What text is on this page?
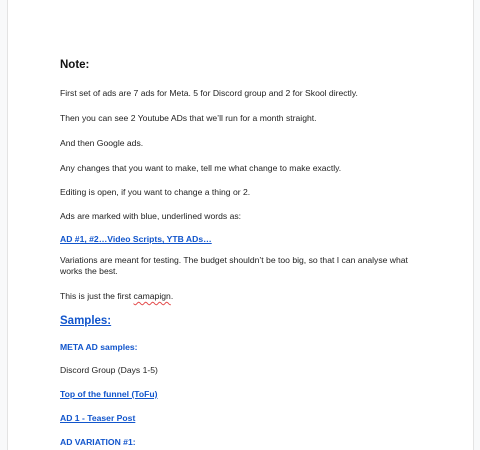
Note:
First set of ads are 7 ads for Meta. 5 for Discord group and 2 for Skool directly.
Then you can see 2 Youtube ADs that we’ll run for a month straight.
And then Google ads.
Any changes that you want to make, tell me what change to make exactly.
Editing is open, if you want to change a thing or 2.
Ads are marked with blue, underlined words as:
AD #1, #2…Video Scripts, YTB ADs…
Variations are meant for testing. The budget shouldn’t be too big, so that I can analyse what works the best.
This is just the first camapign.
Samples:
META AD samples:
Discord Group (Days 1-5)
Top of the funnel (ToFu)
AD 1 - Teaser Post
AD VARIATION #1:
